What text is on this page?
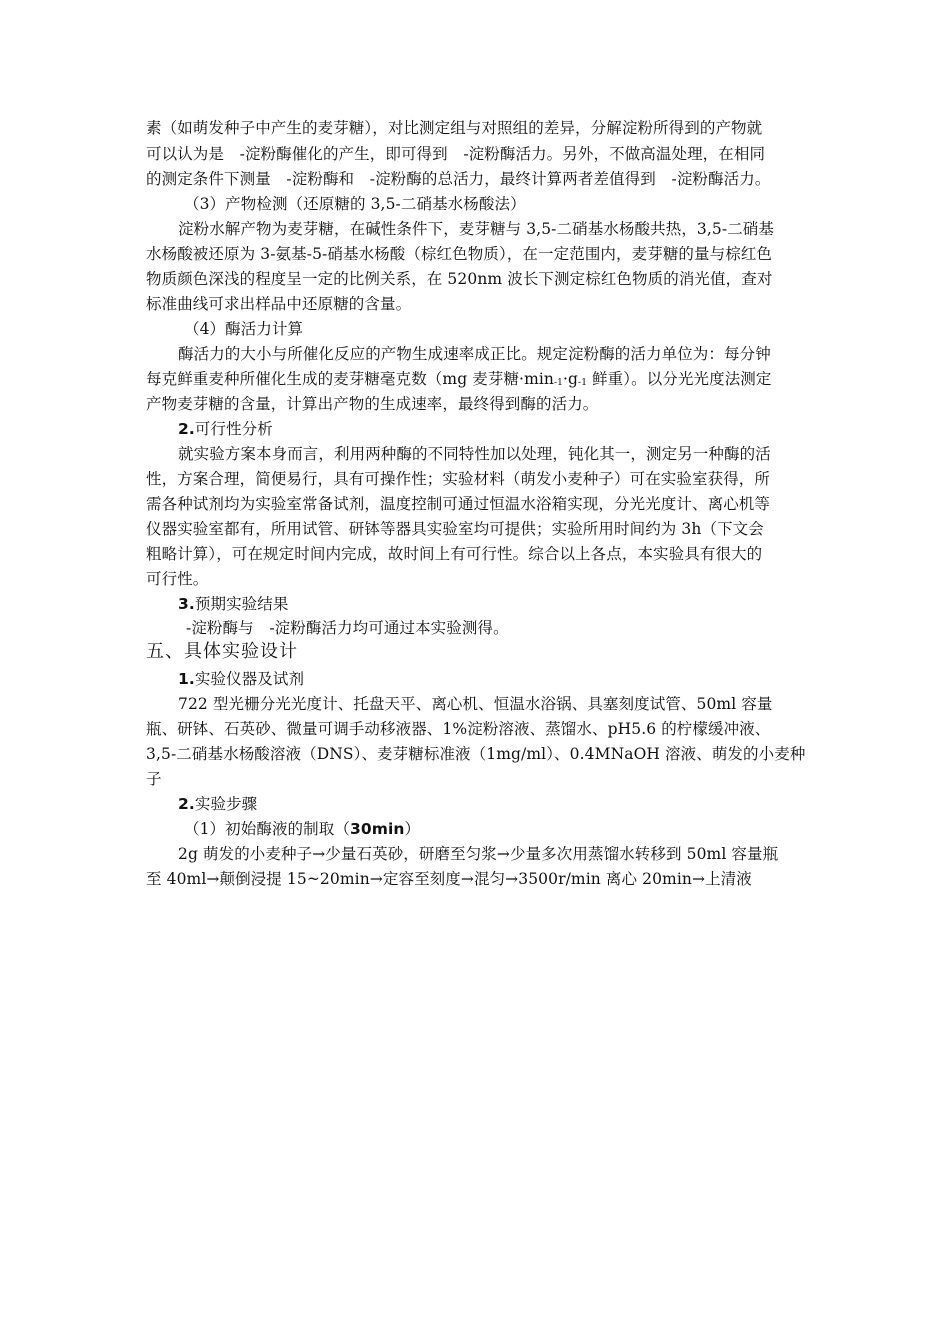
素（如萌发种子中产生的麦芽糖），对比测定组与对照组的差异，分解淀粉所得到的产物就
可以认为是　-淀粉酶催化的产生，即可得到　-淀粉酶活力。另外，不做高温处理，在相同
的测定条件下测量　-淀粉酶和　-淀粉酶的总活力，最终计算两者差值得到　-淀粉酶活力。
（3）产物检测（还原糖的 3,5-二硝基水杨酸法）
淀粉水解产物为麦芽糖，在碱性条件下，麦芽糖与 3,5-二硝基水杨酸共热，3,5-二硝基
水杨酸被还原为 3-氨基-5-硝基水杨酸（棕红色物质），在一定范围内，麦芽糖的量与棕红色
物质颜色深浅的程度呈一定的比例关系，在 520nm 波长下测定棕红色物质的消光值，查对
标准曲线可求出样品中还原糖的含量。
（4）酶活力计算
酶活力的大小与所催化反应的产物生成速率成正比。规定淀粉酶的活力单位为：每分钟
每克鲜重麦种所催化生成的麦芽糖毫克数（mg 麦芽糖·min-1·g-1 鲜重）。以分光光度法测定
产物麦芽糖的含量，计算出产物的生成速率，最终得到酶的活力。
2.可行性分析
就实验方案本身而言，利用两种酶的不同特性加以处理，钝化其一，测定另一种酶的活
性，方案合理，简便易行，具有可操作性；实验材料（萌发小麦种子）可在实验室获得，所
需各种试剂均为实验室常备试剂，温度控制可通过恒温水浴箱实现，分光光度计、离心机等
仪器实验室都有，所用试管、研钵等器具实验室均可提供；实验所用时间约为 3h（下文会
粗略计算），可在规定时间内完成，故时间上有可行性。综合以上各点，本实验具有很大的
可行性。
3.预期实验结果
-淀粉酶与　-淀粉酶活力均可通过本实验测得。
五、具体实验设计
1.实验仪器及试剂
722 型光栅分光光度计、托盘天平、离心机、恒温水浴锅、具塞刻度试管、50ml 容量
瓶、研钵、石英砂、微量可调手动移液器、1%淀粉溶液、蒸馏水、pH5.6 的柠檬缓冲液、
3,5-二硝基水杨酸溶液（DNS）、麦芽糖标准液（1mg/ml）、0.4MNaOH 溶液、萌发的小麦种
子
2.实验步骤
（1）初始酶液的制取（30min）
2g 萌发的小麦种子→少量石英砂，研磨至匀浆→少量多次用蒸馏水转移到 50ml 容量瓶
至 40ml→颠倒浸提 15~20min→定容至刻度→混匀→3500r/min 离心 20min→上清液
